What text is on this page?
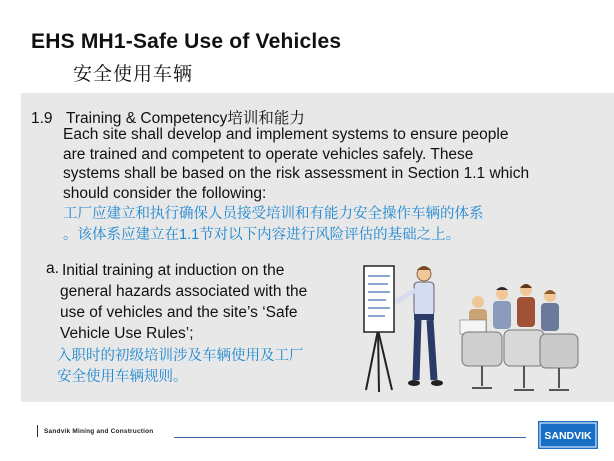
EHS MH1-Safe Use of Vehicles
安全使用车辆
1.9 Training & Competency培训和能力

Each site shall develop and implement systems to ensure people
are trained and competent to operate vehicles safely. These
systems shall be based on the risk assessment in Section 1.1 which
should consider the following:

工厂应建立和执行确保人员接受培训和有能力安全操作车辆的体系
。该体系应建立在1.1节对以下内容进行风险评估的基础之上。

a. Initial training at induction on the
general hazards associated with the
use of vehicles and the site’s ‘Safe
Vehicle Use Rules’;

入职时的初级培训涉及车辆使用及工厂
安全使用车辆规则。

Sandvik Mining and Construction	SANDVIK
